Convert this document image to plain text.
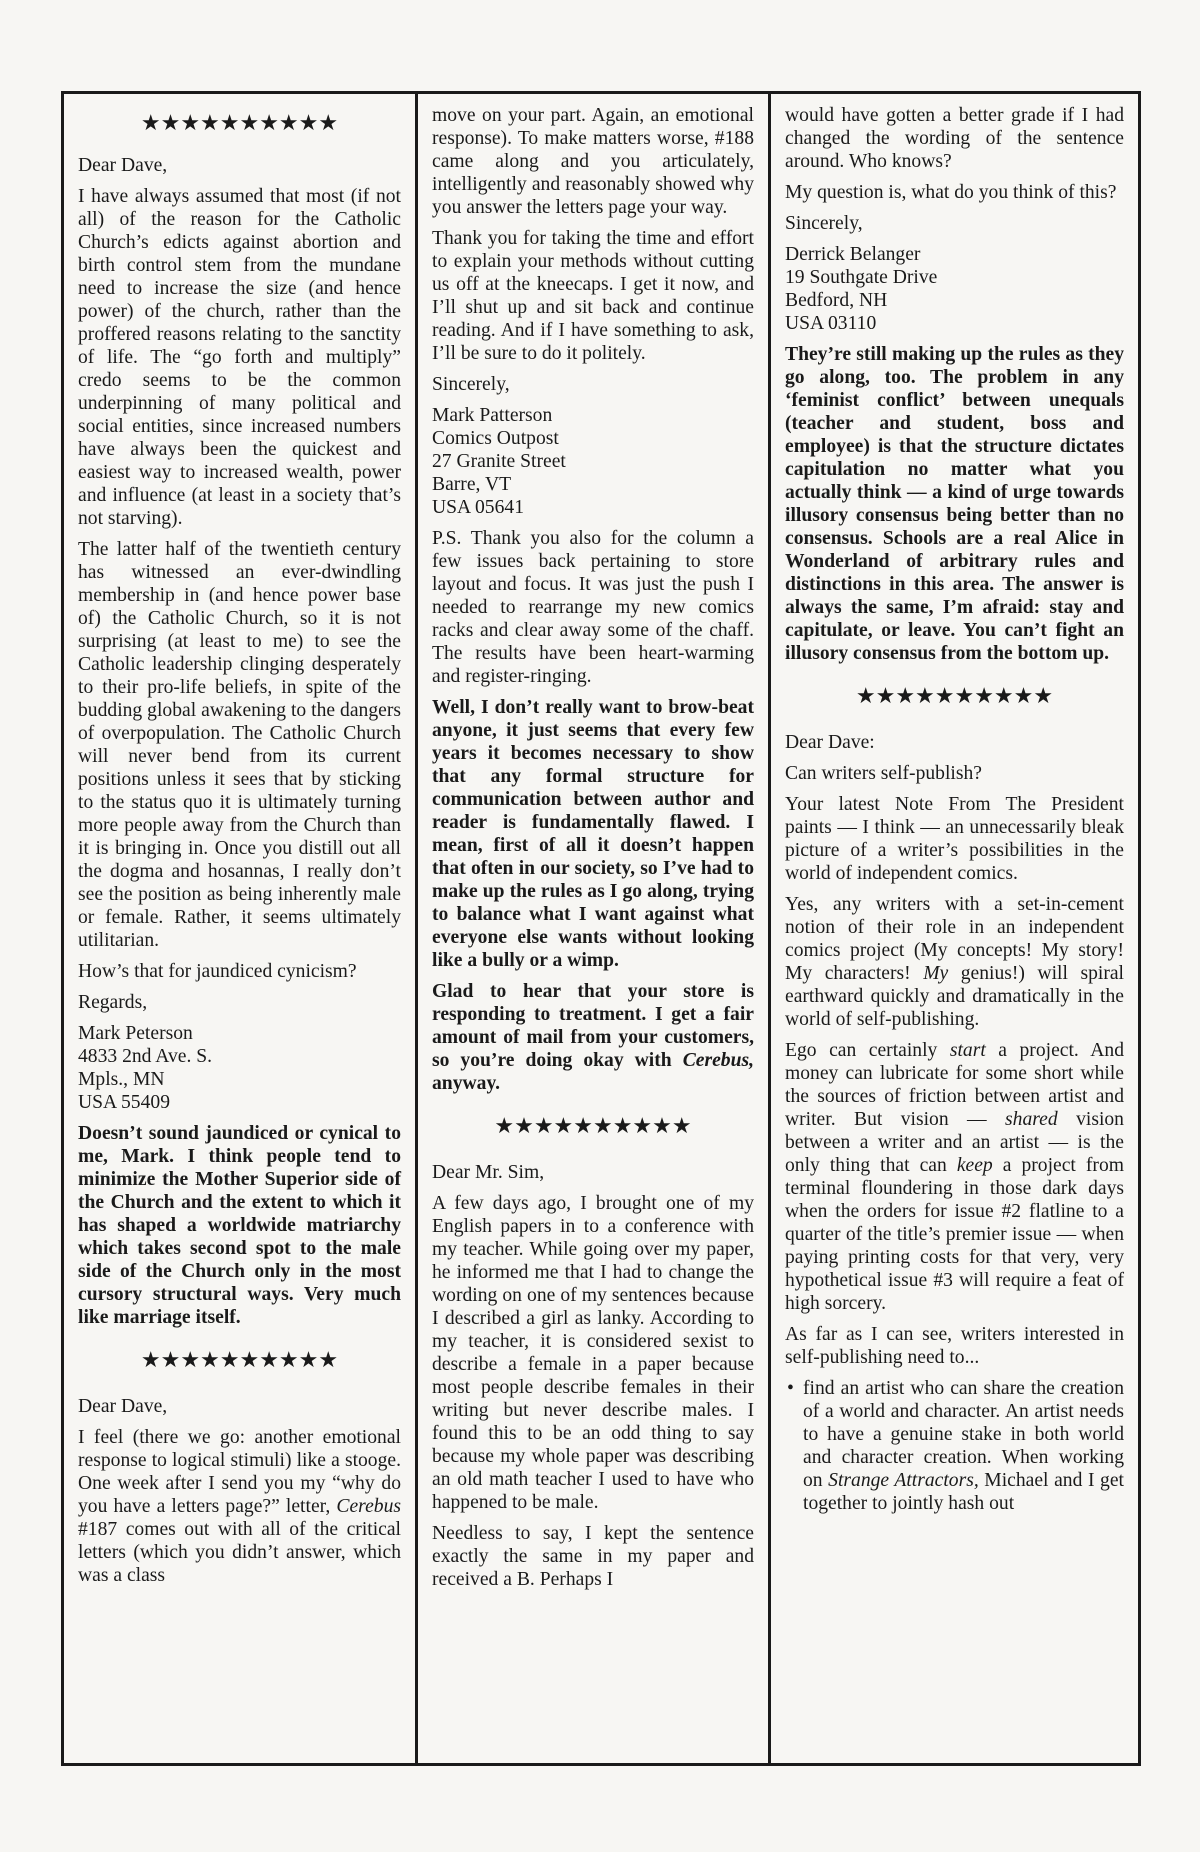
★★★★★★★★★★

Dear Dave,

I have always assumed that most (if not all) of the reason for the Catholic Church’s edicts against abortion and birth control stem from the mundane need to increase the size (and hence power) of the church, rather than the proffered reasons relating to the sanctity of life. The “go forth and multiply” credo seems to be the common underpinning of many political and social entities, since increased numbers have always been the quickest and easiest way to increased wealth, power and influence (at least in a society that’s not starving).

The latter half of the twentieth century has witnessed an ever-dwindling membership in (and hence power base of) the Catholic Church, so it is not surprising (at least to me) to see the Catholic leadership clinging desperately to their pro-life beliefs, in spite of the budding global awakening to the dangers of overpopulation. The Catholic Church will never bend from its current positions unless it sees that by sticking to the status quo it is ultimately turning more people away from the Church than it is bringing in. Once you distill out all the dogma and hosannas, I really don’t see the position as being inherently male or female. Rather, it seems ultimately utilitarian.

How’s that for jaundiced cynicism?

Regards,

Mark Peterson
4833 2nd Ave. S.
Mpls., MN
USA 55409

Doesn’t sound jaundiced or cynical to me, Mark. I think people tend to minimize the Mother Superior side of the Church and the extent to which it has shaped a worldwide matriarchy which takes second spot to the male side of the Church only in the most cursory structural ways. Very much like marriage itself.

★★★★★★★★★★

Dear Dave,

I feel (there we go: another emotional response to logical stimuli) like a stooge. One week after I send you my “why do you have a letters page?” letter, Cerebus #187 comes out with all of the critical letters (which you didn’t answer, which was a class

move on your part. Again, an emotional response). To make matters worse, #188 came along and you articulately, intelligently and reasonably showed why you answer the letters page your way.

Thank you for taking the time and effort to explain your methods without cutting us off at the kneecaps. I get it now, and I’ll shut up and sit back and continue reading. And if I have something to ask, I’ll be sure to do it politely.

Sincerely,

Mark Patterson
Comics Outpost
27 Granite Street
Barre, VT
USA 05641

P.S. Thank you also for the column a few issues back pertaining to store layout and focus. It was just the push I needed to rearrange my new comics racks and clear away some of the chaff. The results have been heart-warming and register-ringing.

Well, I don’t really want to brow-beat anyone, it just seems that every few years it becomes necessary to show that any formal structure for communication between author and reader is fundamentally flawed. I mean, first of all it doesn’t happen that often in our society, so I’ve had to make up the rules as I go along, trying to balance what I want against what everyone else wants without looking like a bully or a wimp.

Glad to hear that your store is responding to treatment. I get a fair amount of mail from your customers, so you’re doing okay with Cerebus, anyway.

★★★★★★★★★★

Dear Mr. Sim,

A few days ago, I brought one of my English papers in to a conference with my teacher. While going over my paper, he informed me that I had to change the wording on one of my sentences because I described a girl as lanky. According to my teacher, it is considered sexist to describe a female in a paper because most people describe females in their writing but never describe males. I found this to be an odd thing to say because my whole paper was describing an old math teacher I used to have who happened to be male.

Needless to say, I kept the sentence exactly the same in my paper and received a B. Perhaps I

would have gotten a better grade if I had changed the wording of the sentence around. Who knows?

My question is, what do you think of this?

Sincerely,

Derrick Belanger
19 Southgate Drive
Bedford, NH
USA 03110

They’re still making up the rules as they go along, too. The problem in any ‘feminist conflict’ between unequals (teacher and student, boss and employee) is that the structure dictates capitulation no matter what you actually think — a kind of urge towards illusory consensus being better than no consensus. Schools are a real Alice in Wonderland of arbitrary rules and distinctions in this area. The answer is always the same, I’m afraid: stay and capitulate, or leave. You can’t fight an illusory consensus from the bottom up.

★★★★★★★★★★

Dear Dave:

Can writers self-publish?

Your latest Note From The President paints — I think — an unnecessarily bleak picture of a writer’s possibilities in the world of independent comics.

Yes, any writers with a set-in-cement notion of their role in an independent comics project (My concepts! My story! My characters! My genius!) will spiral earthward quickly and dramatically in the world of self-publishing.

Ego can certainly start a project. And money can lubricate for some short while the sources of friction between artist and writer. But vision — shared vision between a writer and an artist — is the only thing that can keep a project from terminal floundering in those dark days when the orders for issue #2 flatline to a quarter of the title’s premier issue — when paying printing costs for that very, very hypothetical issue #3 will require a feat of high sorcery.

As far as I can see, writers interested in self-publishing need to...

• find an artist who can share the creation of a world and character. An artist needs to have a genuine stake in both world and character creation. When working on Strange Attractors, Michael and I get together to jointly hash out
